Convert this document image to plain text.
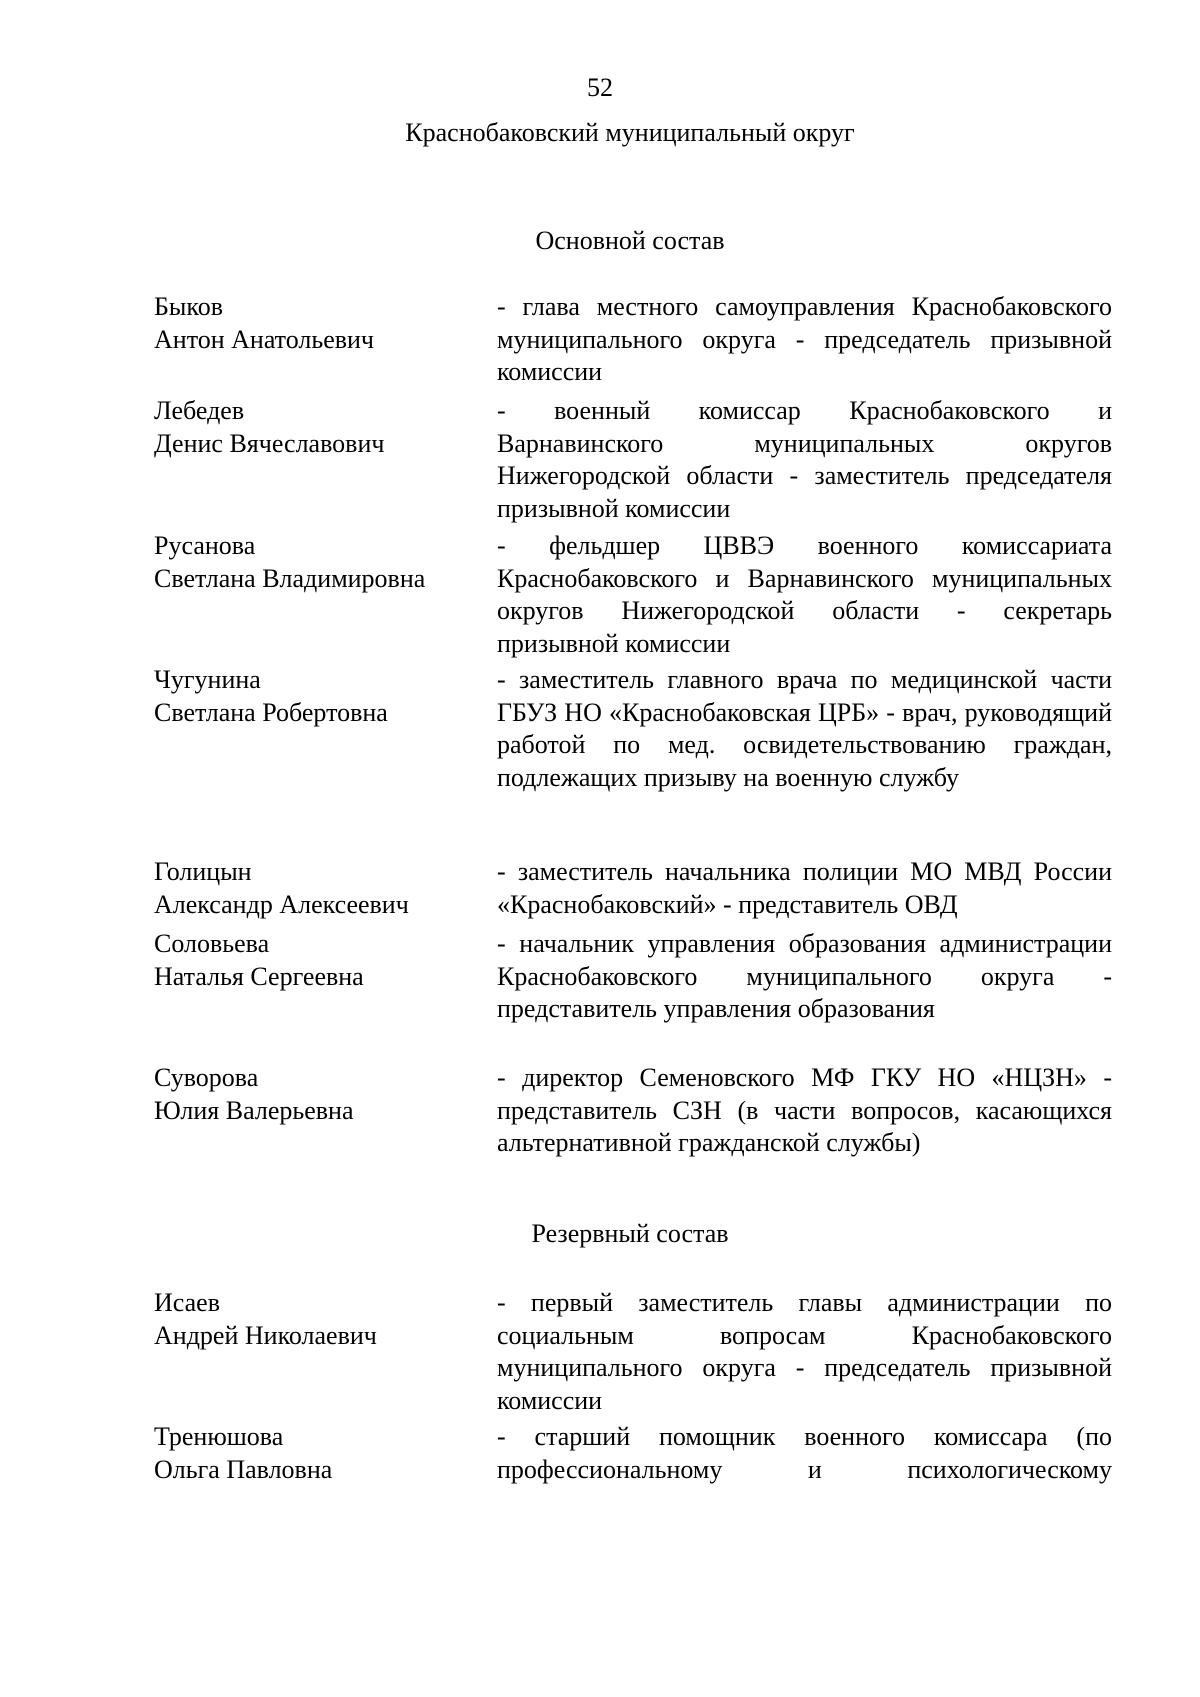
52
Краснобаковский муниципальный округ
Основной состав
Быков
Антон Анатольевич
- глава местного самоуправления Краснобаковского муниципального округа - председатель призывной комиссии
Лебедев
Денис Вячеславович
- военный комиссар Краснобаковского и Варнавинского муниципальных округов Нижегородской области - заместитель председателя призывной комиссии
Русанова
Светлана Владимировна
- фельдшер ЦВВЭ военного комиссариата Краснобаковского и Варнавинского муниципальных округов Нижегородской области - секретарь призывной комиссии
Чугунина
Светлана Робертовна
- заместитель главного врача по медицинской части ГБУЗ НО «Краснобаковская ЦРБ» - врач, руководящий работой по мед. освидетельствованию граждан, подлежащих призыву на военную службу
Голицын
Александр Алексеевич
- заместитель начальника полиции МО МВД России «Краснобаковский» - представитель ОВД
Соловьева
Наталья Сергеевна
- начальник управления образования администрации Краснобаковского муниципального округа - представитель управления образования
Суворова
Юлия Валерьевна
- директор Семеновского МФ ГКУ НО «НЦЗН» - представитель СЗН (в части вопросов, касающихся альтернативной гражданской службы)
Резервный состав
Исаев
Андрей Николаевич
- первый заместитель главы администрации по социальным вопросам Краснобаковского муниципального округа - председатель призывной комиссии
Тренюшова
Ольга Павловна
- старший помощник военного комиссара (по профессиональному и психологическому
